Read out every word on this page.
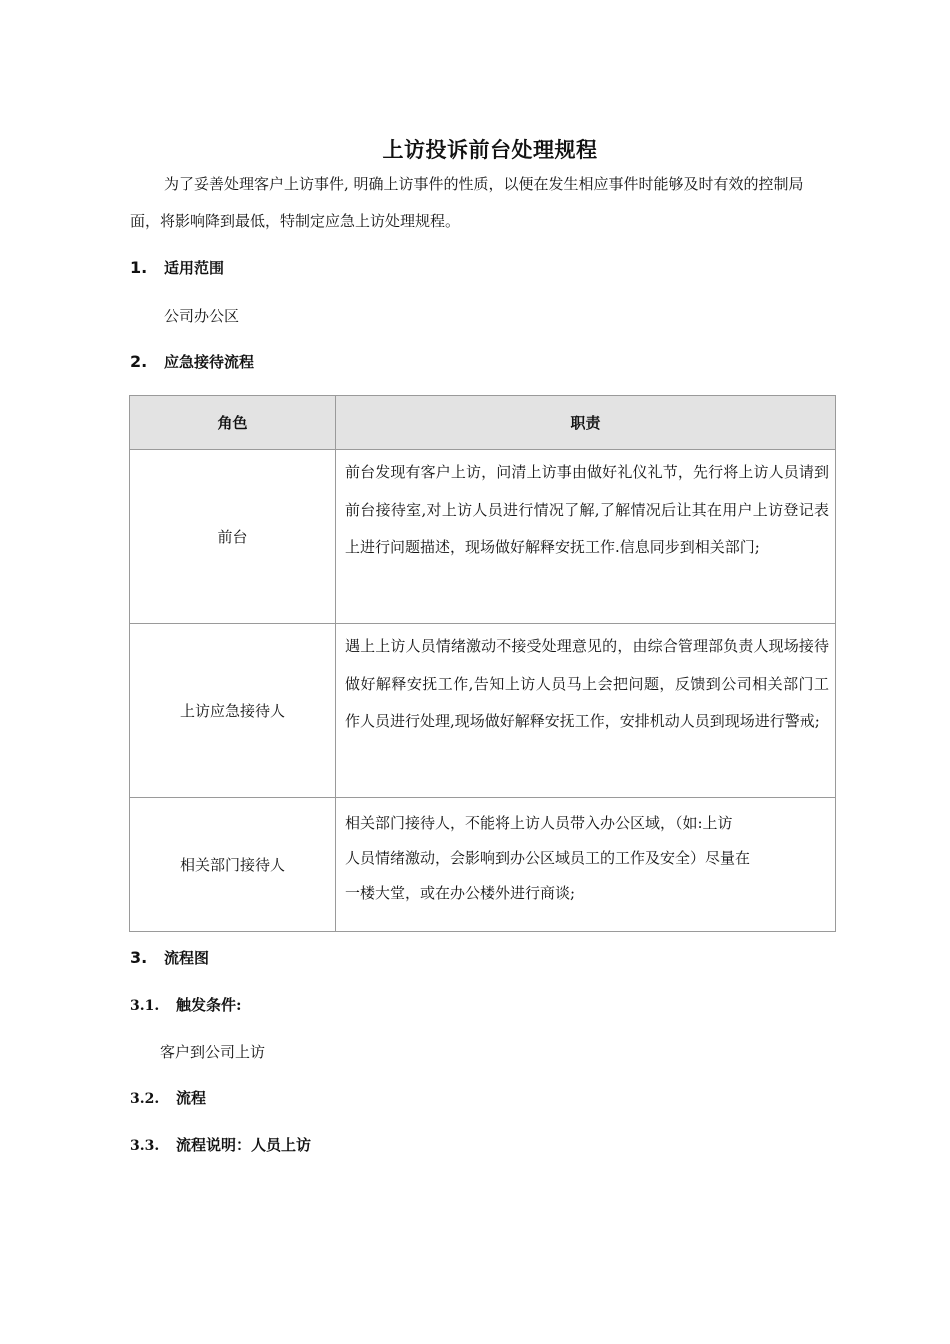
上访投诉前台处理规程

为了妥善处理客户上访事件, 明确上访事件的性质，以便在发生相应事件时能够及时有效的控制局面，将影响降到最低，特制定应急上访处理规程。

1. 适用范围
公司办公区
2. 应急接待流程
角色	职责
前台	前台发现有客户上访，问清上访事由做好礼仪礼节，先行将上访人员请到前台接待室,对上访人员进行情况了解,了解情况后让其在用户上访登记表上进行问题描述，现场做好解释安抚工作.信息同步到相关部门;
上访应急接待人	遇上上访人员情绪激动不接受处理意见的，由综合管理部负责人现场接待做好解释安抚工作,告知上访人员马上会把问题，反馈到公司相关部门工作人员进行处理,现场做好解释安抚工作，安排机动人员到现场进行警戒;
相关部门接待人	相关部门接待人，不能将上访人员带入办公区域，（如:上访
人员情绪激动，会影响到办公区域员工的工作及安全）尽量在
一楼大堂，或在办公楼外进行商谈;
3. 流程图
3.1. 触发条件:
客户到公司上访
3.2. 流程
3.3. 流程说明：人员上访
